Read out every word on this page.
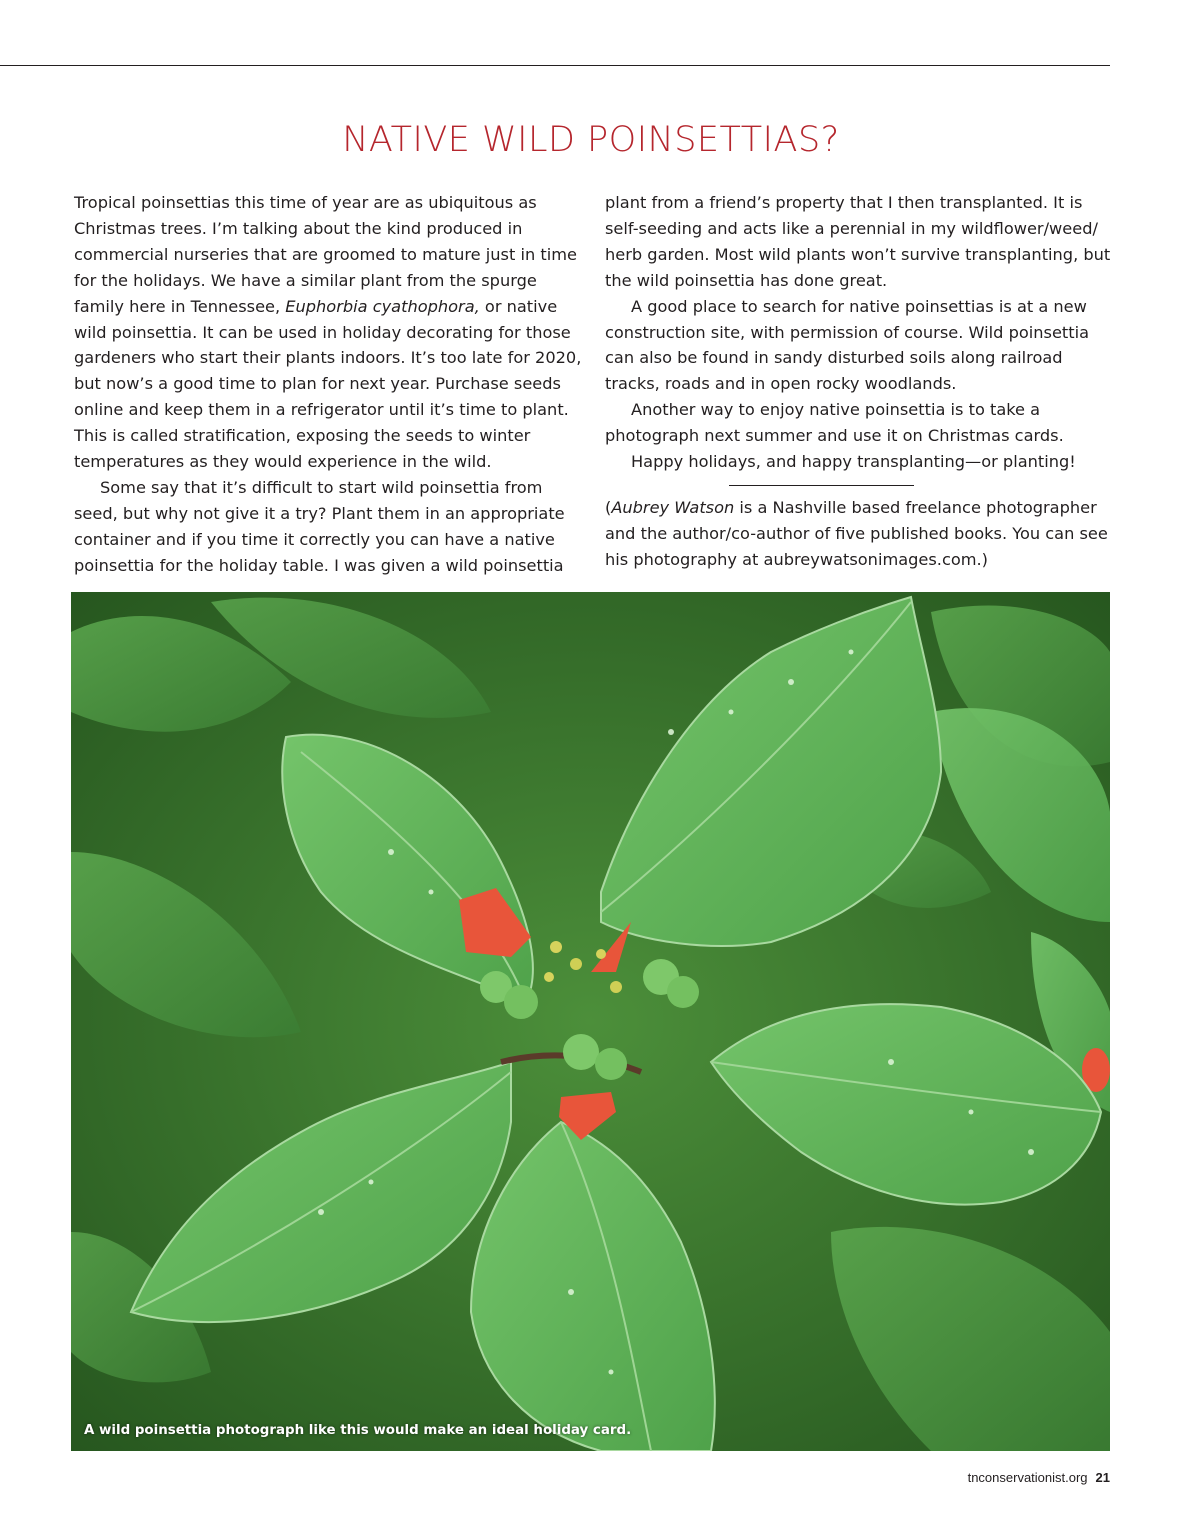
NATIVE WILD POINSETTIAS?

Tropical poinsettias this time of year are as ubiquitous as Christmas trees. I’m talking about the kind produced in commercial nurseries that are groomed to mature just in time for the holidays. We have a similar plant from the spurge family here in Tennessee, Euphorbia cyathophora, or native wild poinsettia. It can be used in holiday decorating for those gardeners who start their plants indoors. It’s too late for 2020, but now’s a good time to plan for next year. Purchase seeds online and keep them in a refrigerator until it’s time to plant. This is called stratification, exposing the seeds to winter temperatures as they would experience in the wild.

Some say that it’s difficult to start wild poinsettia from seed, but why not give it a try? Plant them in an appropriate container and if you time it correctly you can have a native poinsettia for the holiday table. I was given a wild poinsettia

plant from a friend’s property that I then transplanted. It is self-seeding and acts like a perennial in my wildflower/weed/ herb garden. Most wild plants won’t survive transplanting, but the wild poinsettia has done great.

A good place to search for native poinsettias is at a new construction site, with permission of course. Wild poinsettia can also be found in sandy disturbed soils along railroad tracks, roads and in open rocky woodlands.

Another way to enjoy native poinsettia is to take a photograph next summer and use it on Christmas cards.

Happy holidays, and happy transplanting—or planting!

(Aubrey Watson is a Nashville based freelance photographer and the author/co-author of five published books. You can see his photography at aubreywatsonimages.com.)

A wild poinsettia photograph like this would make an ideal holiday card.
tnconservationist.org 21
